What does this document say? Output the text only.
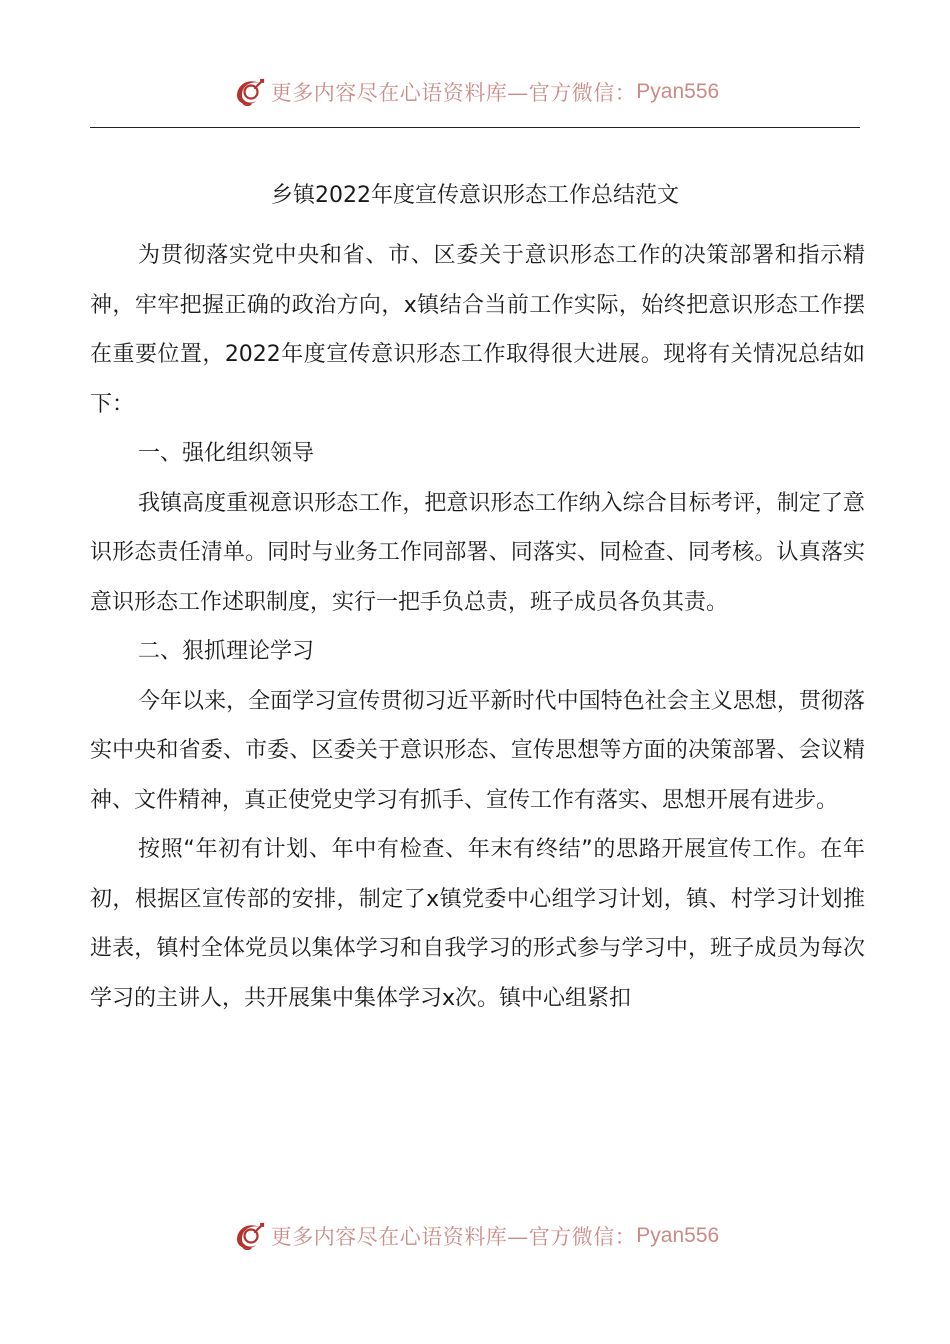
更多内容尽在心语资料库—官方微信： Pyan556
乡镇2022年度宣传意识形态工作总结范文

为贯彻落实党中央和省、市、区委关于意识形态工作的决策部署和指示精神，牢牢把握正确的政治方向，x镇结合当前工作实际，始终把意识形态工作摆在重要位置，2022年度宣传意识形态工作取得很大进展。现将有关情况总结如下：

一、强化组织领导

我镇高度重视意识形态工作，把意识形态工作纳入综合目标考评，制定了意识形态责任清单。同时与业务工作同部署、同落实、同检查、同考核。认真落实意识形态工作述职制度，实行一把手负总责，班子成员各负其责。

二、狠抓理论学习

今年以来，全面学习宣传贯彻习近平新时代中国特色社会主义思想，贯彻落实中央和省委、市委、区委关于意识形态、宣传思想等方面的决策部署、会议精神、文件精神，真正使党史学习有抓手、宣传工作有落实、思想开展有进步。

按照“年初有计划、年中有检查、年末有终结”的思路开展宣传工作。在年初，根据区宣传部的安排，制定了x镇党委中心组学习计划，镇、村学习计划推进表，镇村全体党员以集体学习和自我学习的形式参与学习中，班子成员为每次学习的主讲人，共开展集中集体学习x次。镇中心组紧扣

更多内容尽在心语资料库—官方微信： Pyan556
